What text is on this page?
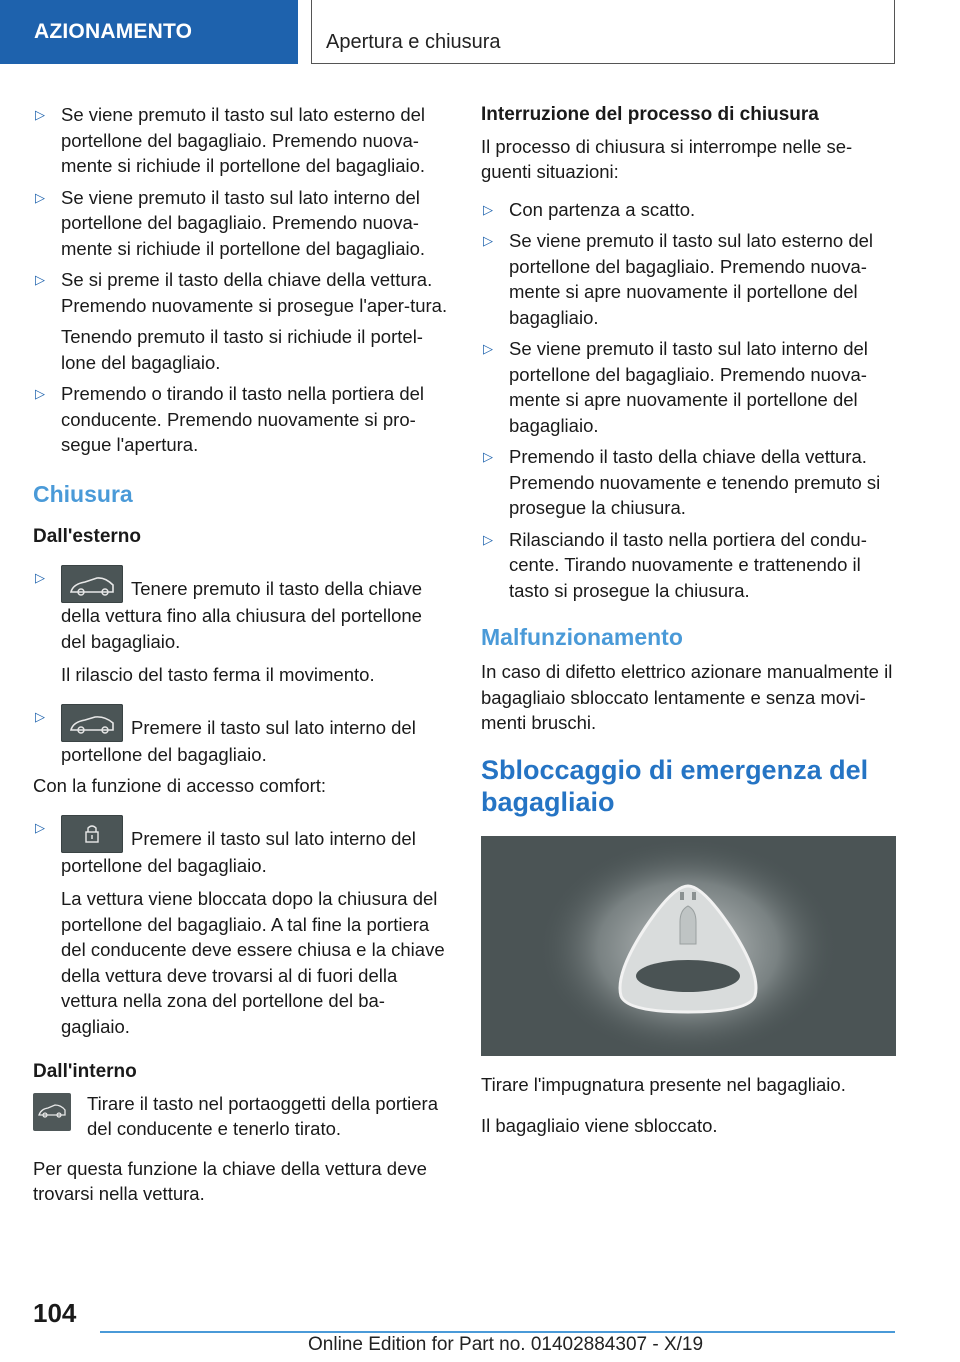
AZIONAMENTO	Apertura e chiusura
▷ Se viene premuto il tasto sul lato esterno del portellone del bagagliaio. Premendo nuova-mente si richiude il portellone del bagagliaio.
▷ Se viene premuto il tasto sul lato interno del portellone del bagagliaio. Premendo nuova-mente si richiude il portellone del bagagliaio.
▷ Se si preme il tasto della chiave della vettura. Premendo nuovamente si prosegue l'aper-tura.
Tenendo premuto il tasto si richiude il portel-lone del bagagliaio.
▷ Premendo o tirando il tasto nella portiera del conducente. Premendo nuovamente si pro-segue l'apertura.
Chiusura
Dall'esterno
▷
Tenere premuto il tasto della chiave della vettura fino alla chiusura del portellone del bagagliaio.
Il rilascio del tasto ferma il movimento.
▷
Premere il tasto sul lato interno del portellone del bagagliaio.
Con la funzione di accesso comfort:
▷
Premere il tasto sul lato interno del portellone del bagagliaio.
La vettura viene bloccata dopo la chiusura del portellone del bagagliaio. A tal fine la portiera del conducente deve essere chiusa e la chiave della vettura deve trovarsi al di fuori della vettura nella zona del portellone del ba-gagliaio.
Dall'interno
Tirare il tasto nel portaoggetti della portiera del conducente e tenerlo tirato.
Per questa funzione la chiave della vettura deve trovarsi nella vettura.
Interruzione del processo di chiusura
Il processo di chiusura si interrompe nelle se-guenti situazioni:
▷ Con partenza a scatto.
▷ Se viene premuto il tasto sul lato esterno del portellone del bagagliaio. Premendo nuova-mente si apre nuovamente il portellone del bagagliaio.
▷ Se viene premuto il tasto sul lato interno del portellone del bagagliaio. Premendo nuova-mente si apre nuovamente il portellone del bagagliaio.
▷ Premendo il tasto della chiave della vettura. Premendo nuovamente e tenendo premuto si prosegue la chiusura.
▷ Rilasciando il tasto nella portiera del condu-cente. Tirando nuovamente e trattenendo il tasto si prosegue la chiusura.
Malfunzionamento
In caso di difetto elettrico azionare manualmente il bagagliaio sbloccato lentamente e senza movi-menti bruschi.
Sbloccaggio di emergenza del bagagliaio
Tirare l'impugnatura presente nel bagagliaio.
Il bagagliaio viene sbloccato.
104
Online Edition for Part no. 01402884307 - X/19
